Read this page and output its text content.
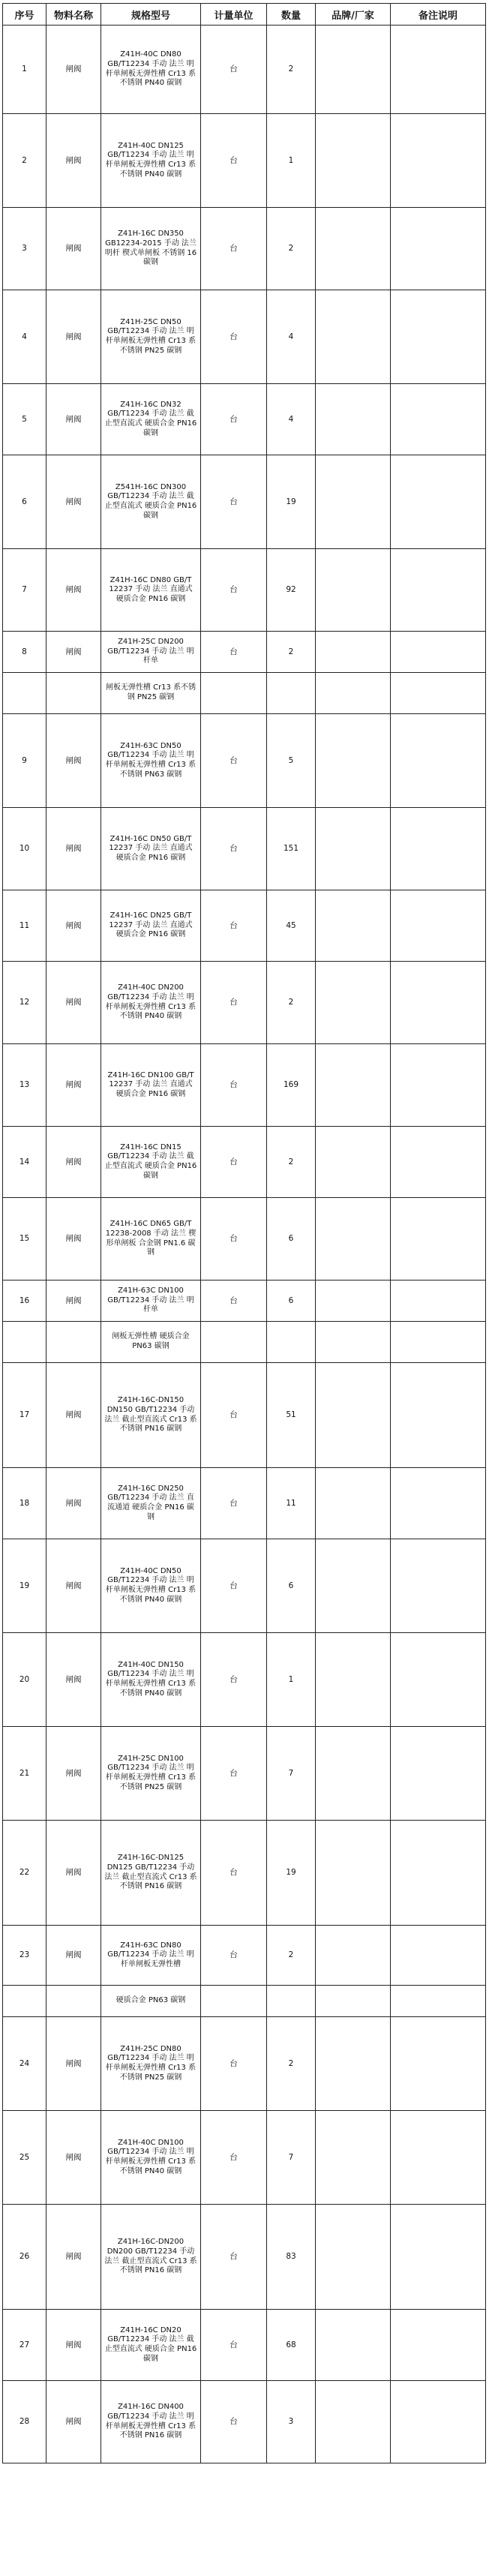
序号	物料名称	规格型号	计量单位	数量	品牌/厂家	备注说明
1	闸阀	Z41H-40C DN80 GB/T12234 手动 法兰 明杆单闸板无弹性槽 Cr13 系不锈钢 PN40 碳钢	台	2		
2	闸阀	Z41H-40C DN125 GB/T12234 手动 法兰 明杆单闸板无弹性槽 Cr13 系不锈钢 PN40 碳钢	台	1		
3	闸阀	Z41H-16C DN350 GB12234-2015 手动 法兰 明杆 楔式单闸板 不锈钢 16 碳钢	台	2		
4	闸阀	Z41H-25C DN50 GB/T12234 手动 法兰 明杆单闸板无弹性槽 Cr13 系不锈钢 PN25 碳钢	台	4		
5	闸阀	Z41H-16C DN32 GB/T12234 手动 法兰 截止型直流式 硬质合金 PN16 碳钢	台	4		
6	闸阀	Z541H-16C DN300 GB/T12234 手动 法兰 截止型直流式 硬质合金 PN16 碳钢	台	19		
7	闸阀	Z41H-16C DN80 GB/T 12237 手动 法兰 直通式 硬质合金 PN16 碳钢	台	92		
8	闸阀	Z41H-25C DN200 GB/T12234 手动 法兰 明杆单	台	2		
		闸板无弹性槽 Cr13 系不锈钢 PN25 碳钢				
9	闸阀	Z41H-63C DN50 GB/T12234 手动 法兰 明杆单闸板无弹性槽 Cr13 系不锈钢 PN63 碳钢	台	5		
10	闸阀	Z41H-16C DN50 GB/T 12237 手动 法兰 直通式 硬质合金 PN16 碳钢	台	151		
11	闸阀	Z41H-16C DN25 GB/T 12237 手动 法兰 直通式 硬质合金 PN16 碳钢	台	45		
12	闸阀	Z41H-40C DN200 GB/T12234 手动 法兰 明杆单闸板无弹性槽 Cr13 系不锈钢 PN40 碳钢	台	2		
13	闸阀	Z41H-16C DN100 GB/T 12237 手动 法兰 直通式 硬质合金 PN16 碳钢	台	169		
14	闸阀	Z41H-16C DN15 GB/T12234 手动 法兰 截止型直流式 硬质合金 PN16 碳钢	台	2		
15	闸阀	Z41H-16C DN65 GB/T 12238-2008 手动 法兰 楔形单闸板 合金钢 PN1.6 碳钢	台	6		
16	闸阀	Z41H-63C DN100 GB/T12234 手动 法兰 明杆单	台	6		
		闸板无弹性槽 硬质合金 PN63 碳钢				
17	闸阀	Z41H-16C-DN150 DN150 GB/T12234 手动 法兰 截止型直流式 Cr13 系不锈钢 PN16 碳钢	台	51		
18	闸阀	Z41H-16C DN250 GB/T12234 手动 法兰 直流通道 硬质合金 PN16 碳钢	台	11		
19	闸阀	Z41H-40C DN50 GB/T12234 手动 法兰 明杆单闸板无弹性槽 Cr13 系不锈钢 PN40 碳钢	台	6		
20	闸阀	Z41H-40C DN150 GB/T12234 手动 法兰 明杆单闸板无弹性槽 Cr13 系不锈钢 PN40 碳钢	台	1		
21	闸阀	Z41H-25C DN100 GB/T12234 手动 法兰 明杆单闸板无弹性槽 Cr13 系不锈钢 PN25 碳钢	台	7		
22	闸阀	Z41H-16C-DN125 DN125 GB/T12234 手动 法兰 截止型直流式 Cr13 系不锈钢 PN16 碳钢	台	19		
23	闸阀	Z41H-63C DN80 GB/T12234 手动 法兰 明杆单闸板无弹性槽	台	2		
		硬质合金 PN63 碳钢				
24	闸阀	Z41H-25C DN80 GB/T12234 手动 法兰 明杆单闸板无弹性槽 Cr13 系不锈钢 PN25 碳钢	台	2		
25	闸阀	Z41H-40C DN100 GB/T12234 手动 法兰 明杆单闸板无弹性槽 Cr13 系不锈钢 PN40 碳钢	台	7		
26	闸阀	Z41H-16C-DN200 DN200 GB/T12234 手动 法兰 截止型直流式 Cr13 系不锈钢 PN16 碳钢	台	83		
27	闸阀	Z41H-16C DN20 GB/T12234 手动 法兰 截止型直流式 硬质合金 PN16 碳钢	台	68		
28	闸阀	Z41H-16C DN400 GB/T12234 手动 法兰 明杆单闸板无弹性槽 Cr13 系不锈钢 PN16 碳钢	台	3		
